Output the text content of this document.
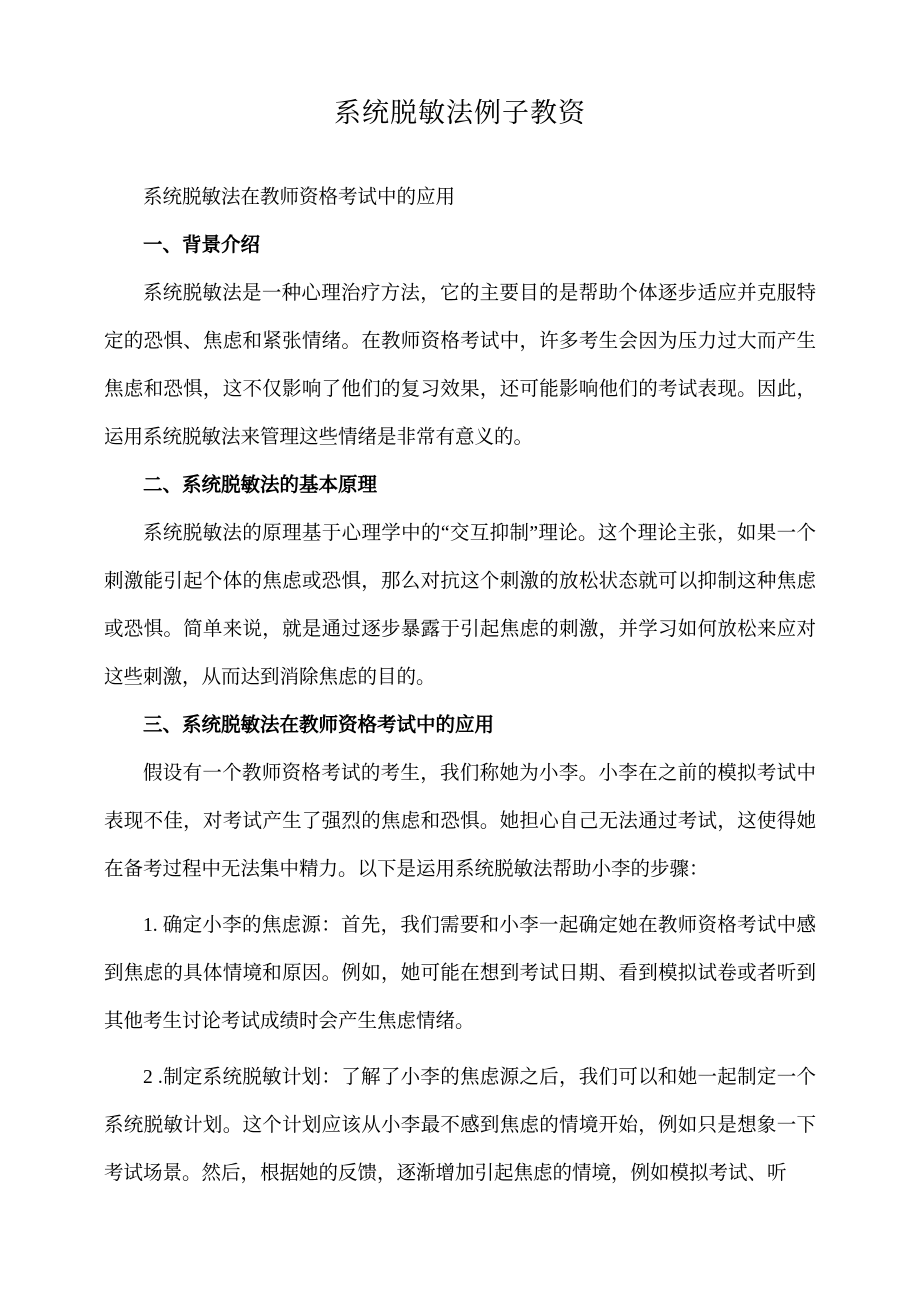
系统脱敏法例子教资

系统脱敏法在教师资格考试中的应用

一、背景介绍

系统脱敏法是一种心理治疗方法，它的主要目的是帮助个体逐步适应并克服特定的恐惧、焦虑和紧张情绪。在教师资格考试中，许多考生会因为压力过大而产生焦虑和恐惧，这不仅影响了他们的复习效果，还可能影响他们的考试表现。因此，运用系统脱敏法来管理这些情绪是非常有意义的。

二、系统脱敏法的基本原理

系统脱敏法的原理基于心理学中的“交互抑制”理论。这个理论主张，如果一个刺激能引起个体的焦虑或恐惧，那么对抗这个刺激的放松状态就可以抑制这种焦虑或恐惧。简单来说，就是通过逐步暴露于引起焦虑的刺激，并学习如何放松来应对这些刺激，从而达到消除焦虑的目的。

三、系统脱敏法在教师资格考试中的应用

假设有一个教师资格考试的考生，我们称她为小李。小李在之前的模拟考试中表现不佳，对考试产生了强烈的焦虑和恐惧。她担心自己无法通过考试，这使得她在备考过程中无法集中精力。以下是运用系统脱敏法帮助小李的步骤：

1. 确定小李的焦虑源：首先，我们需要和小李一起确定她在教师资格考试中感到焦虑的具体情境和原因。例如，她可能在想到考试日期、看到模拟试卷或者听到其他考生讨论考试成绩时会产生焦虑情绪。

2 .制定系统脱敏计划：了解了小李的焦虑源之后，我们可以和她一起制定一个系统脱敏计划。这个计划应该从小李最不感到焦虑的情境开始，例如只是想象一下考试场景。然后，根据她的反馈，逐渐增加引起焦虑的情境，例如模拟考试、听
